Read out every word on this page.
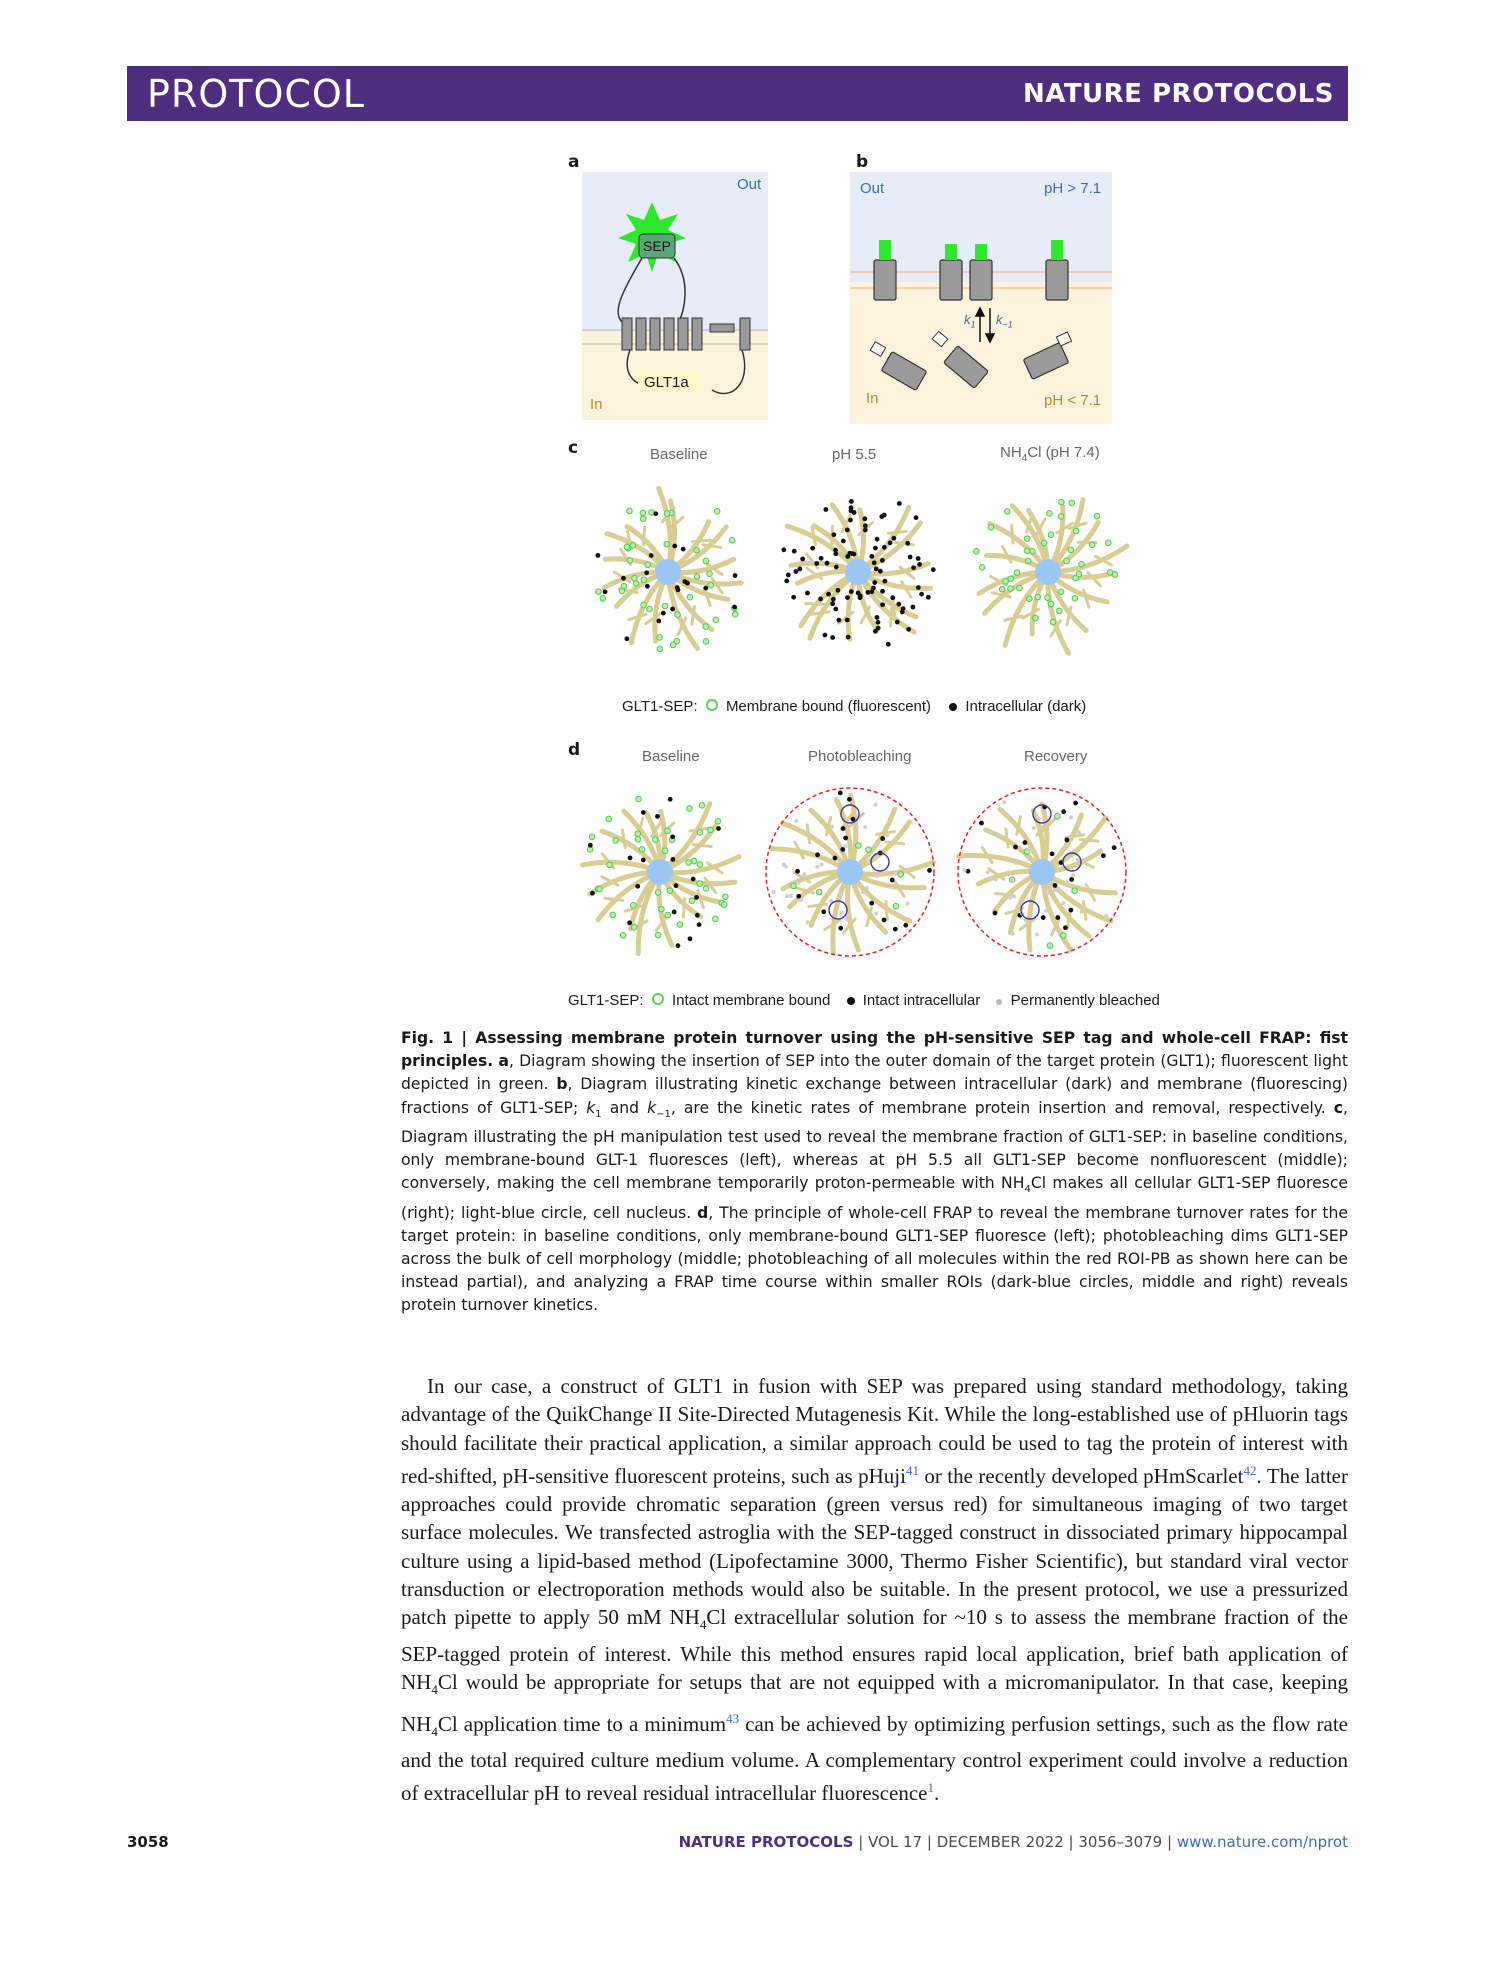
PROTOCOL	NATURE PROTOCOLS
a
SEP
Out
In
GLT1a
b
Out	pH > 7.1
In	pH < 7.1
$k_1$ $k_{-1}$
c	Baseline	pH 5.5	$NH_4Cl$ (pH 7.4)
GLT1-SEP: Membrane bound (fluorescent) Intracellular (dark)
d	Baseline	Photobleaching	Recovery
GLT1-SEP: Intact membrane bound Intact intracellular Permanently bleached
Fig. 1 | Assessing membrane protein turnover using the pH-sensitive SEP tag and whole-cell FRAP: fist principles. a, Diagram showing the insertion of SEP into the outer domain of the target protein (GLT1); fluorescent light depicted in green. b, Diagram illustrating kinetic exchange between intracellular (dark) and membrane (fluorescing) fractions of GLT1-SEP; $k_1$ and $k_{-1}$, are the kinetic rates of membrane protein insertion and removal, respectively. c, Diagram illustrating the pH manipulation test used to reveal the membrane fraction of GLT1-SEP: in baseline conditions, only membrane-bound GLT-1 fluoresces (left), whereas at pH 5.5 all GLT1-SEP become nonfluorescent (middle); conversely, making the cell membrane temporarily proton-permeable with $NH_4Cl$ makes all cellular GLT1-SEP fluoresce (right); light-blue circle, cell nucleus. d, The principle of whole-cell FRAP to reveal the membrane turnover rates for the target protein: in baseline conditions, only membrane-bound GLT1-SEP fluoresce (left); photobleaching dims GLT1-SEP across the bulk of cell morphology (middle; photobleaching of all molecules within the red ROI-PB as shown here can be instead partial), and analyzing a FRAP time course within smaller ROIs (dark-blue circles, middle and right) reveals protein turnover kinetics.
In our case, a construct of GLT1 in fusion with SEP was prepared using standard methodology, taking advantage of the QuikChange II Site-Directed Mutagenesis Kit. While the long-established use of pHluorin tags should facilitate their practical application, a similar approach could be used to tag the protein of interest with red-shifted, pH-sensitive fluorescent proteins, such as pHuji$^{41}$ or the recently developed pHmScarlet$^{42}$. The latter approaches could provide chromatic separation (green versus red) for simultaneous imaging of two target surface molecules. We transfected astroglia with the SEP-tagged construct in dissociated primary hippocampal culture using a lipid-based method (Lipofectamine 3000, Thermo Fisher Scientific), but standard viral vector transduction or electroporation methods would also be suitable. In the present protocol, we use a pressurized patch pipette to apply 50 mM $NH_4Cl$ extracellular solution for ~10 s to assess the membrane fraction of the SEP-tagged protein of interest. While this method ensures rapid local application, brief bath application of $NH_4Cl$ would be appropriate for setups that are not equipped with a micromanipulator. In that case, keeping $NH_4Cl$ application time to a minimum$^{43}$ can be achieved by optimizing perfusion settings, such as the flow rate and the total required culture medium volume. A complementary control experiment could involve a reduction of extracellular pH to reveal residual intracellular fluorescence$^1$.
3058	NATURE PROTOCOLS | VOL 17 | DECEMBER 2022 | 3056–3079 | www.nature.com/nprot
